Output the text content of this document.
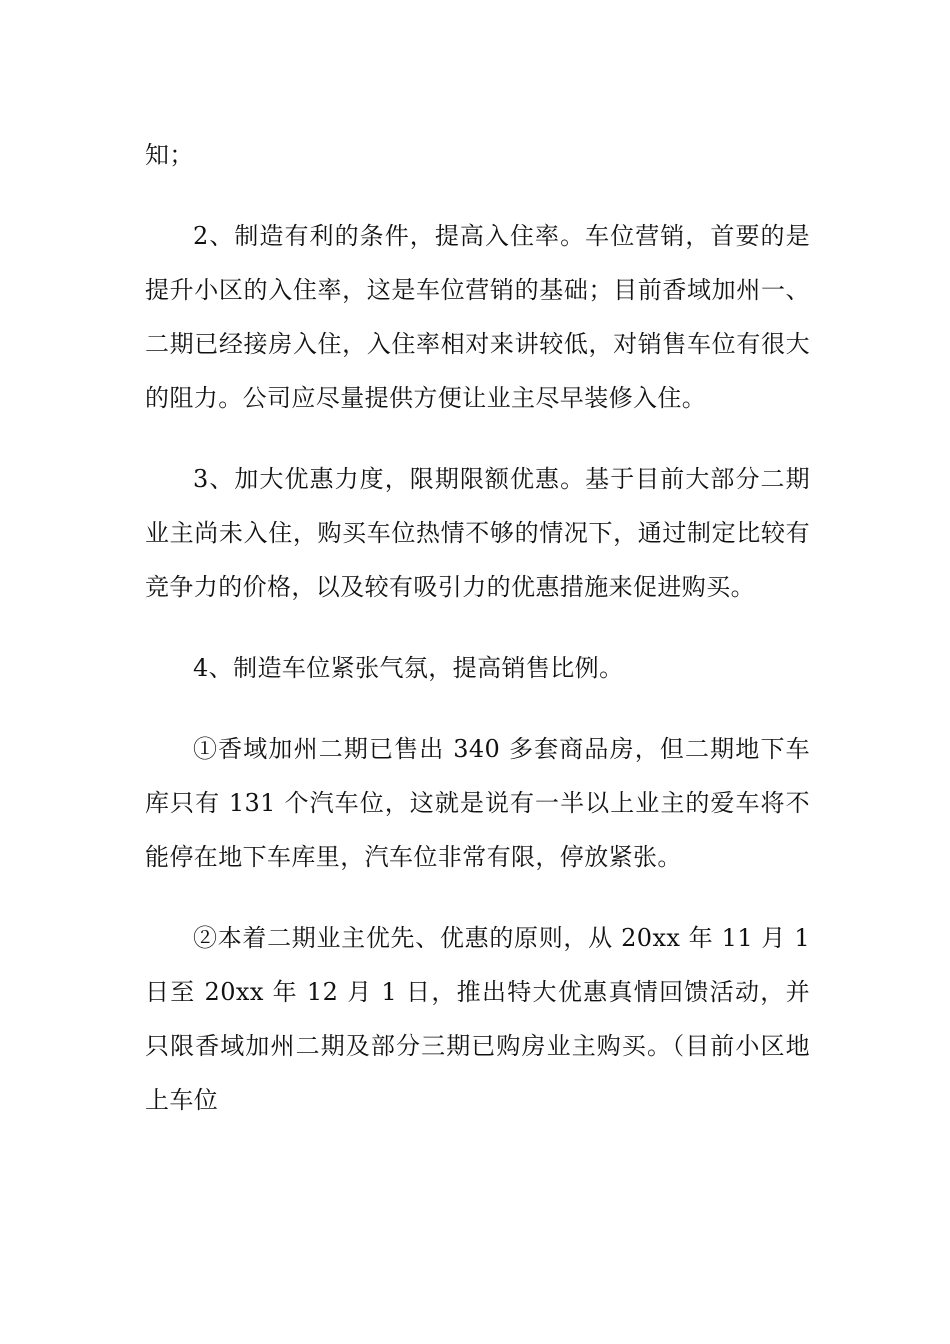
知；

2、制造有利的条件，提高入住率。车位营销，首要的是提升小区的入住率，这是车位营销的基础；目前香域加州一、二期已经接房入住，入住率相对来讲较低，对销售车位有很大的阻力。公司应尽量提供方便让业主尽早装修入住。

3、加大优惠力度，限期限额优惠。基于目前大部分二期业主尚未入住，购买车位热情不够的情况下，通过制定比较有竞争力的价格，以及较有吸引力的优惠措施来促进购买。

4、制造车位紧张气氛，提高销售比例。

①香域加州二期已售出 340 多套商品房，但二期地下车库只有 131 个汽车位，这就是说有一半以上业主的爱车将不能停在地下车库里，汽车位非常有限，停放紧张。

②本着二期业主优先、优惠的原则，从 20xx 年 11 月 1 日至 20xx 年 12 月 1 日，推出特大优惠真情回馈活动，并只限香域加州二期及部分三期已购房业主购买。（目前小区地上车位
